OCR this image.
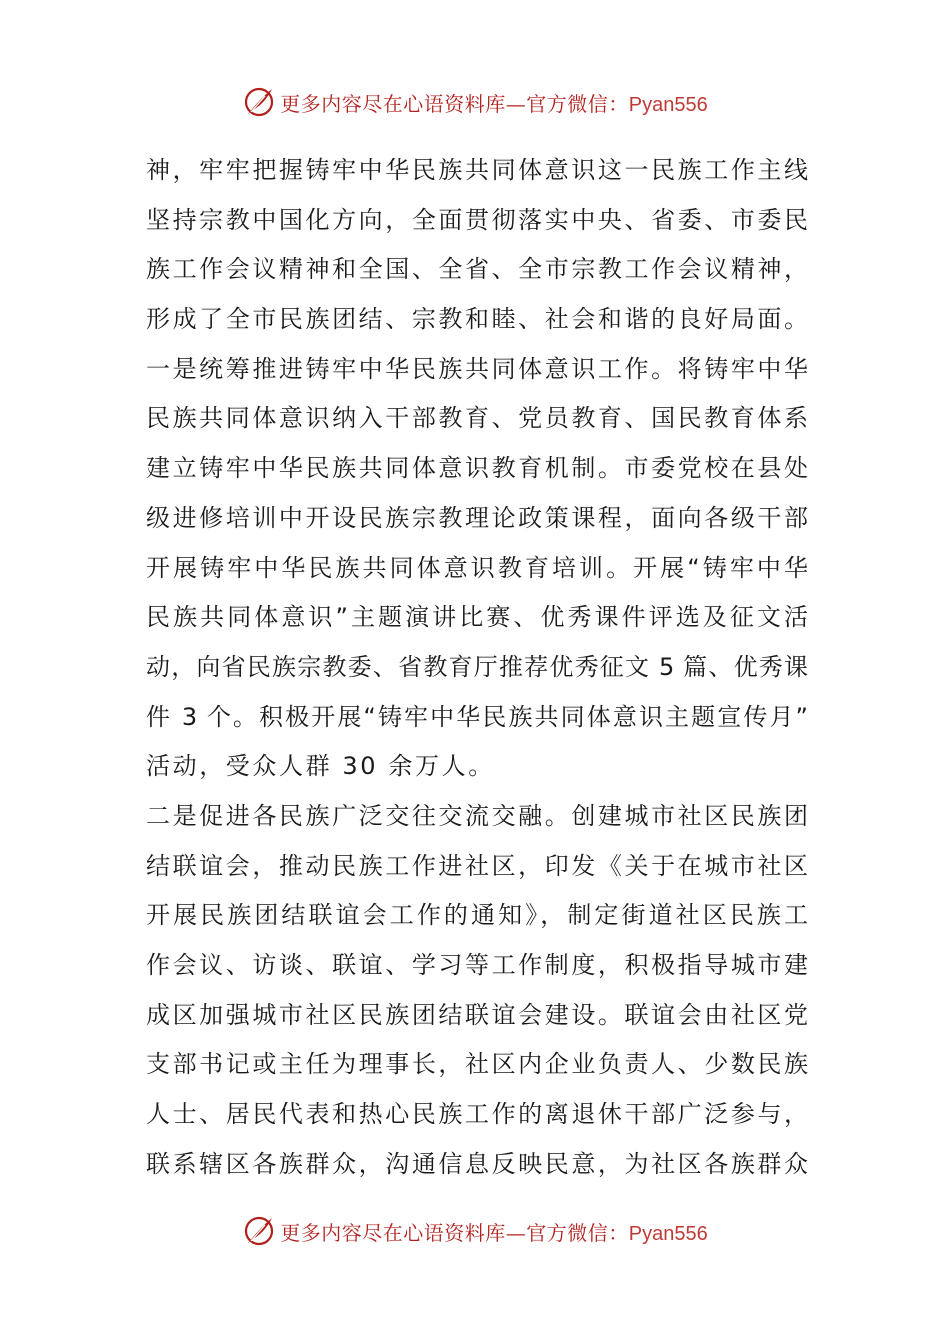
更多内容尽在心语资料库—官方微信：Pyan556
神，牢牢把握铸牢中华民族共同体意识这一民族工作主线
坚持宗教中国化方向，全面贯彻落实中央、省委、市委民
族工作会议精神和全国、全省、全市宗教工作会议精神，
形成了全市民族团结、宗教和睦、社会和谐的良好局面。
一是统筹推进铸牢中华民族共同体意识工作。将铸牢中华
民族共同体意识纳入干部教育、党员教育、国民教育体系
建立铸牢中华民族共同体意识教育机制。市委党校在县处
级进修培训中开设民族宗教理论政策课程，面向各级干部
开展铸牢中华民族共同体意识教育培训。开展“铸牢中华
民族共同体意识”主题演讲比赛、优秀课件评选及征文活
动，向省民族宗教委、省教育厅推荐优秀征文 5 篇、优秀课
件 3 个。积极开展“铸牢中华民族共同体意识主题宣传月”
活动，受众人群 30 余万人。
二是促进各民族广泛交往交流交融。创建城市社区民族团
结联谊会，推动民族工作进社区，印发《关于在城市社区
开展民族团结联谊会工作的通知》，制定街道社区民族工
作会议、访谈、联谊、学习等工作制度，积极指导城市建
成区加强城市社区民族团结联谊会建设。联谊会由社区党
支部书记或主任为理事长，社区内企业负责人、少数民族
人士、居民代表和热心民族工作的离退休干部广泛参与，
联系辖区各族群众，沟通信息反映民意，为社区各族群众
更多内容尽在心语资料库—官方微信：Pyan556
